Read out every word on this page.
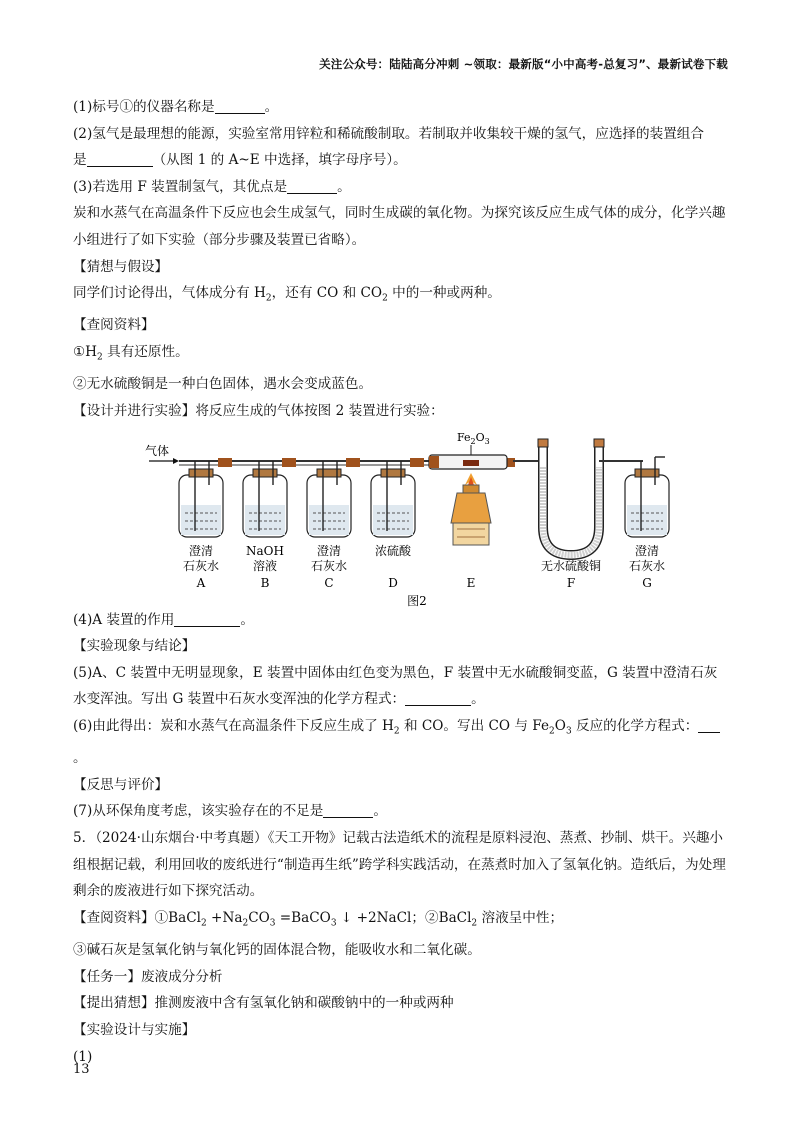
关注公众号：陆陆高分冲刺 ~领取：最新版“小中高考-总复习”、最新试卷下载
(1)标号①的仪器名称是	。
(2)氢气是最理想的能源，实验室常用锌粒和稀硫酸制取。若制取并收集较干燥的氢气，应选择的装置组合
是	（从图 1 的 A~E 中选择，填字母序号）。
(3)若选用 F 装置制氢气，其优点是	。
炭和水蒸气在高温条件下反应也会生成氢气，同时生成碳的氧化物。为探究该反应生成气体的成分，化学兴趣小组进行了如下实验（部分步骤及装置已省略）。
【猜想与假设】
同学们讨论得出，气体成分有 $H_2$，还有 CO 和 $CO_2$ 中的一种或两种。
【查阅资料】
$①H_2$ 具有还原性。
②无水硫酸铜是一种白色固体，遇水会变成蓝色。
【设计并进行实验】将反应生成的气体按图 2 装置进行实验：
气体
$Fe_2O_3$
澄清
石灰水
A
NaOH
溶液
B
澄清
石灰水
C
浓硫酸
D	E
无水硫酸铜
F
澄清
石灰水
G
图2
(4)A 装置的作用	。
【实验现象与结论】
(5)A、C 装置中无明显现象，E 装置中固体由红色变为黑色，F 装置中无水硫酸铜变蓝，G 装置中澄清石灰
水变浑浊。写出 G 装置中石灰水变浑浊的化学方程式：	。
(6)由此得出：炭和水蒸气在高温条件下反应生成了 $H_2$ 和 CO。写出 CO 与 $Fe_2O_3$ 反应的化学方程式：
。
【反思与评价】
(7)从环保角度考虑，该实验存在的不足是	。
5．（2024·山东烟台·中考真题）《天工开物》记载古法造纸术的流程是原料浸泡、蒸煮、抄制、烘干。兴趣小组根据记载，利用回收的废纸进行“制造再生纸”跨学科实践活动，在蒸煮时加入了氢氧化钠。造纸后，为处理剩余的废液进行如下探究活动。
【查阅资料】①BaCl$_2$ $+Na_2CO_3$ =BaCO$_3$ ↓ +2NaCl；②BaCl$_2$ 溶液呈中性；
③碱石灰是氢氧化钠与氧化钙的固体混合物，能吸收水和二氧化碳。
【任务一】废液成分分析
【提出猜想】推测废液中含有氢氧化钠和碳酸钠中的一种或两种
【实验设计与实施】
(1)
13
